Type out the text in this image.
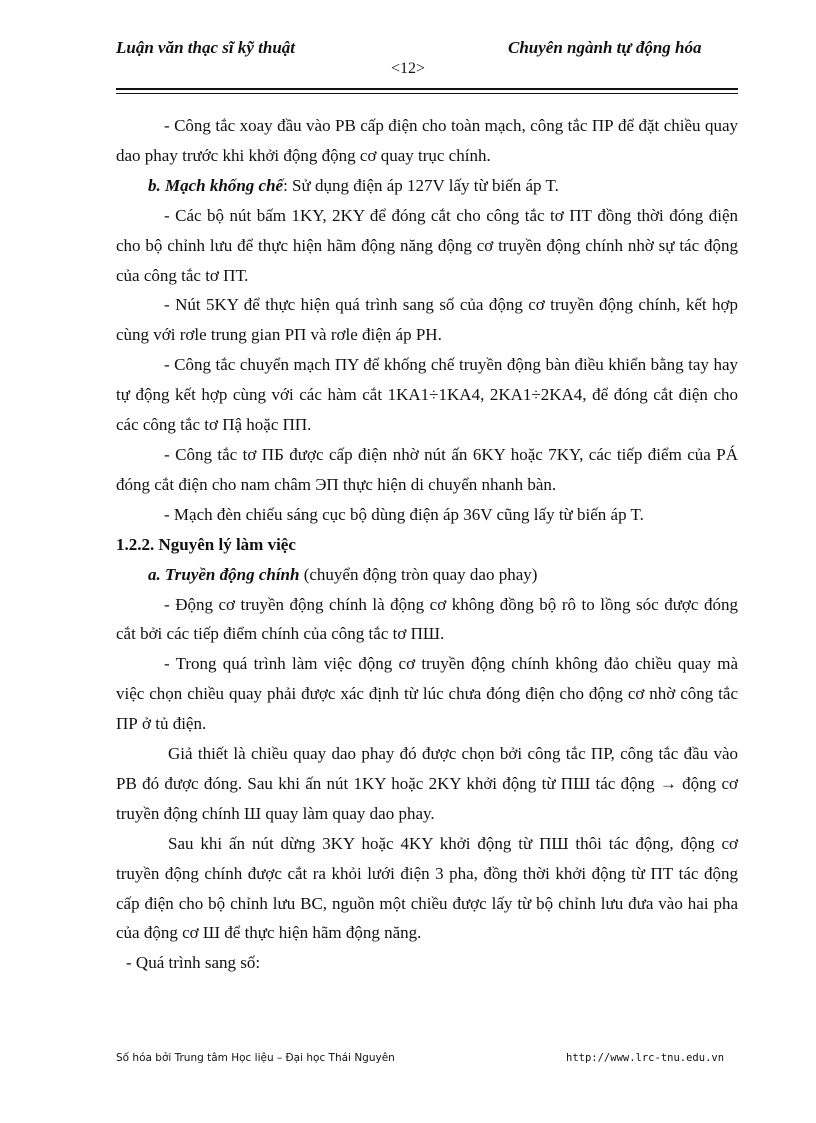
Luận văn thạc sĩ kỹ thuật	Chuyên ngành tự động hóa
<12>

- Công tắc xoay đầu vào PB cấp điện cho toàn mạch, công tắc ПР để đặt chiều quay dao phay trước khi khởi động động cơ quay trục chính.

b. Mạch khống chế: Sử dụng điện áp 127V lấy từ biến áp T.

- Các bộ nút bấm 1KY, 2KY để đóng cắt cho công tắc tơ ПТ đồng thời đóng điện cho bộ chỉnh lưu để thực hiện hãm động năng động cơ truyền động chính nhờ sự tác động của công tắc tơ ПТ.

- Nút 5KY để thực hiện quá trình sang số của động cơ truyền động chính, kết hợp cùng với rơle trung gian РП và rơle điện áp PH.

- Công tắc chuyển mạch ПY để khống chế truyền động bàn điều khiển bằng tay hay tự động kết hợp cùng với các hàm cắt 1KA1÷1KA4, 2KA1÷2KA4, để đóng cắt điện cho các công tắc tơ Пậ hoặc ПП.

- Công tắc tơ ПБ được cấp điện nhờ nút ấn 6KY hoặc 7KY, các tiếp điểm của PÁ đóng cắt điện cho nam châm ЭП thực hiện di chuyển nhanh bàn.

- Mạch đèn chiếu sáng cục bộ dùng điện áp 36V cũng lấy từ biến áp T.

1.2.2. Nguyên lý làm việc

a. Truyền động chính (chuyển động tròn quay dao phay)

- Động cơ truyền động chính là động cơ không đồng bộ rô to lồng sóc được đóng cắt bởi các tiếp điểm chính của công tắc tơ ПШ.

- Trong quá trình làm việc động cơ truyền động chính không đảo chiều quay mà việc chọn chiều quay phải được xác định từ lúc chưa đóng điện cho động cơ nhờ công tắc ПР ở tủ điện.

Giả thiết là chiều quay dao phay đó được chọn bởi công tắc ПР, công tắc đầu vào PB đó được đóng. Sau khi ấn nút 1KY hoặc 2KY khởi động từ ПШ tác động → động cơ truyền động chính Ш quay làm quay dao phay.

Sau khi ấn nút dừng 3KY hoặc 4KY khởi động từ ПШ thôi tác động, động cơ truyền động chính được cắt ra khỏi lưới điện 3 pha, đồng thời khởi động từ ПТ tác động cấp điện cho bộ chỉnh lưu BC, nguồn một chiều được lấy từ bộ chỉnh lưu đưa vào hai pha của động cơ Ш để thực hiện hãm động năng.

- Quá trình sang số:

Số hóa bởi Trung tâm Học liệu – Đại học Thái Nguyên	http://www.lrc-tnu.edu.vn
